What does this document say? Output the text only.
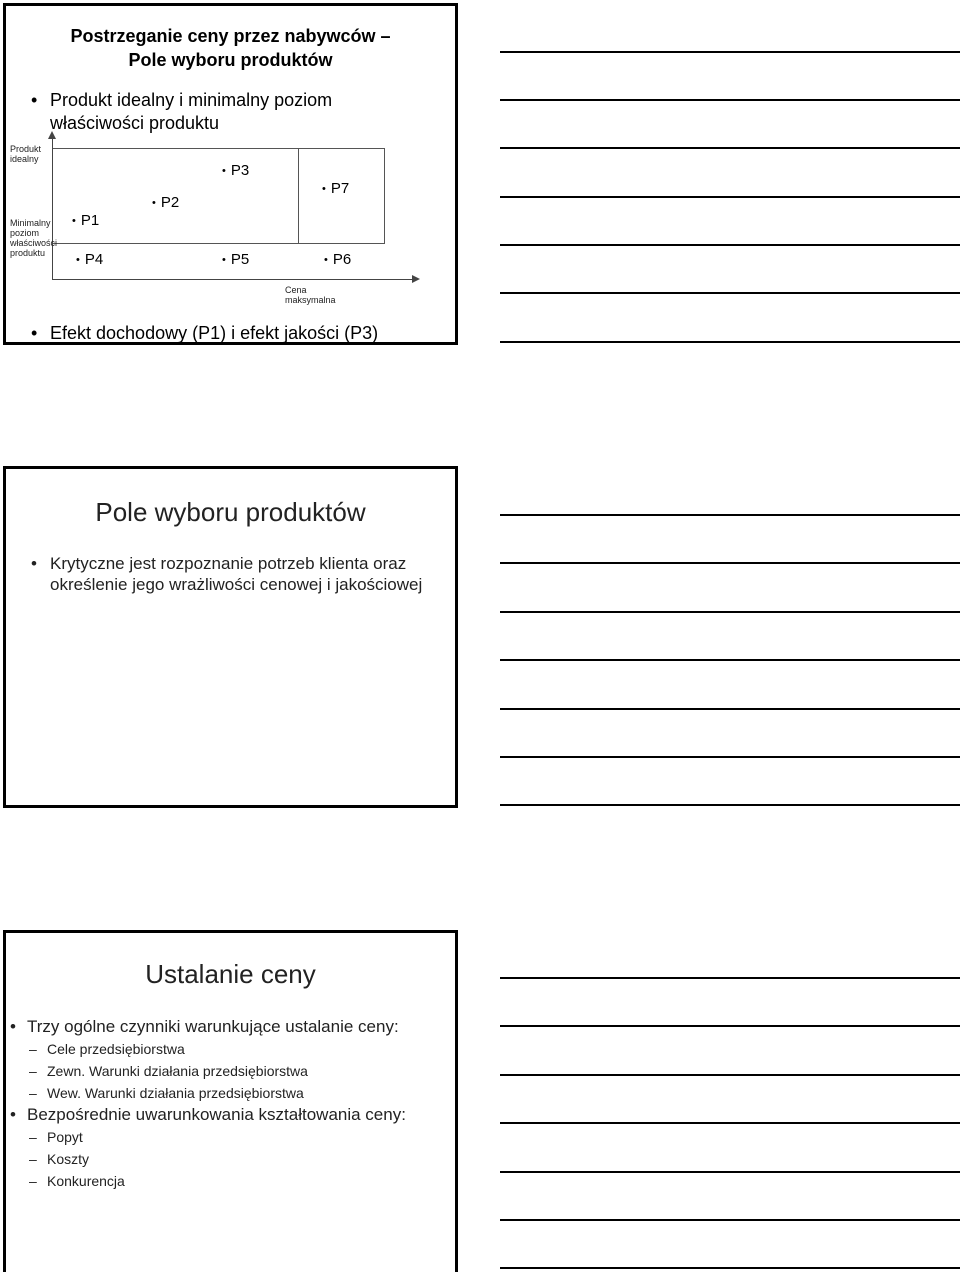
Postrzeganie ceny przez nabywców –
Pole wyboru produktów
• Produkt idealny i minimalny poziom właściwości produktu
Produkt idealny
Minimalny poziom właściwości produktu
Cena maksymalna
• P1
• P2
• P3
• P7
• P4	• P5	• P6
• Efekt dochodowy (P1) i efekt jakości (P3)
Pole wyboru produktów
• Krytyczne jest rozpoznanie potrzeb klienta oraz określenie jego wrażliwości cenowej i jakościowej
Ustalanie ceny
• Trzy ogólne czynniki warunkujące ustalanie ceny:
– Cele przedsiębiorstwa
– Zewn. Warunki działania przedsiębiorstwa
– Wew. Warunki działania przedsiębiorstwa
• Bezpośrednie uwarunkowania kształtowania ceny:
– Popyt
– Koszty
– Konkurencja
